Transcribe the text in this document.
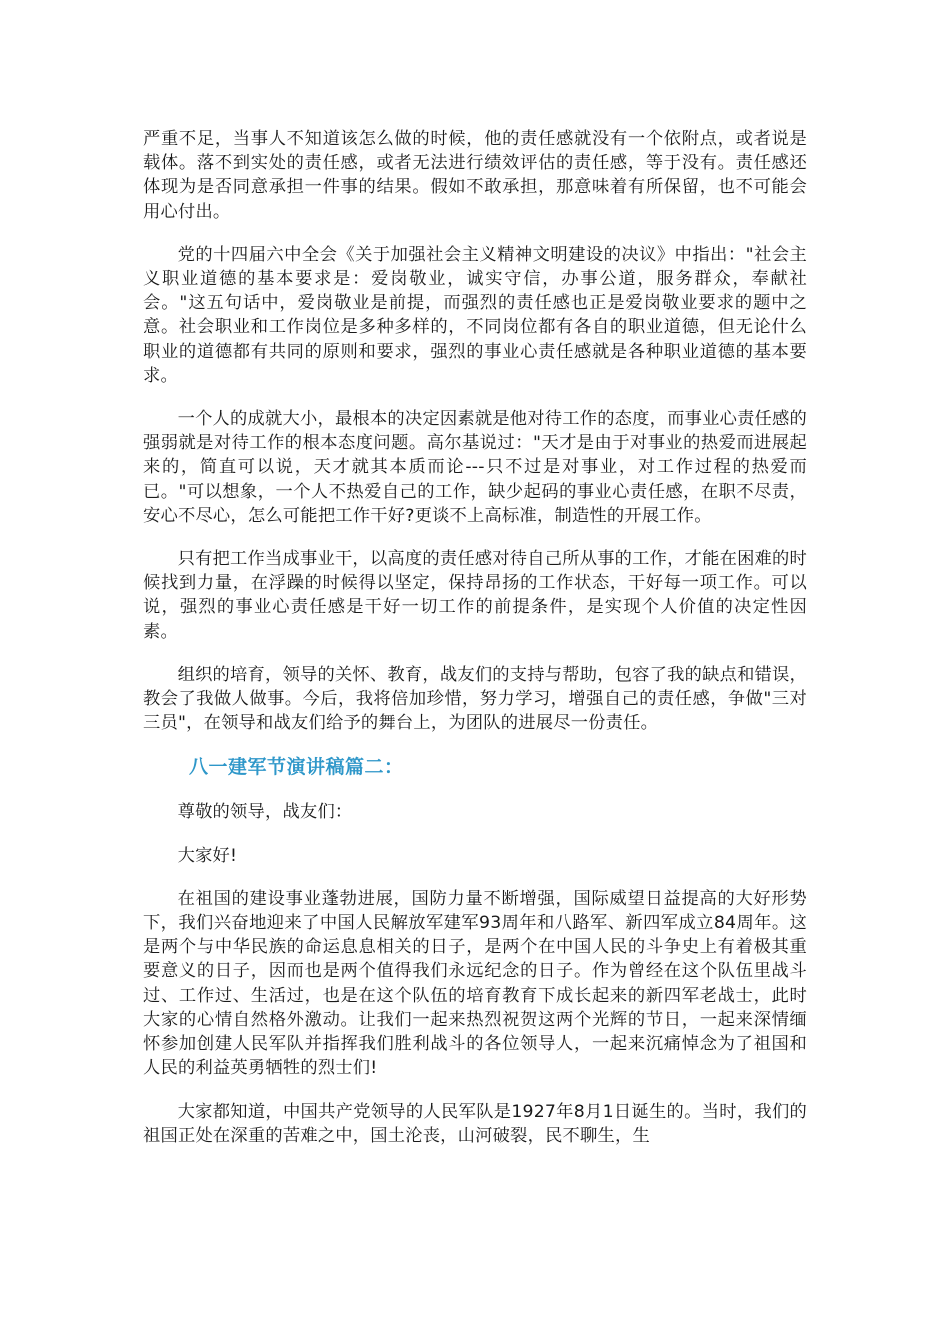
严重不足，当事人不知道该怎么做的时候，他的责任感就没有一个依附点，或者说是载体。落不到实处的责任感，或者无法进行绩效评估的责任感，等于没有。责任感还体现为是否同意承担一件事的结果。假如不敢承担，那意味着有所保留，也不可能会用心付出。

党的十四届六中全会《关于加强社会主义精神文明建设的决议》中指出："社会主义职业道德的基本要求是：爱岗敬业，诚实守信，办事公道，服务群众，奉献社会。"这五句话中，爱岗敬业是前提，而强烈的责任感也正是爱岗敬业要求的题中之意。社会职业和工作岗位是多种多样的，不同岗位都有各自的职业道德，但无论什么职业的道德都有共同的原则和要求，强烈的事业心责任感就是各种职业道德的基本要求。

一个人的成就大小，最根本的决定因素就是他对待工作的态度，而事业心责任感的强弱就是对待工作的根本态度问题。高尔基说过："天才是由于对事业的热爱而进展起来的，简直可以说，天才就其本质而论---只不过是对事业，对工作过程的热爱而已。"可以想象，一个人不热爱自己的工作，缺少起码的事业心责任感，在职不尽责，安心不尽心，怎么可能把工作干好?更谈不上高标准，制造性的开展工作。

只有把工作当成事业干，以高度的责任感对待自己所从事的工作，才能在困难的时候找到力量，在浮躁的时候得以坚定，保持昂扬的工作状态，干好每一项工作。可以说，强烈的事业心责任感是干好一切工作的前提条件，是实现个人价值的决定性因素。

组织的培育，领导的关怀、教育，战友们的支持与帮助，包容了我的缺点和错误，教会了我做人做事。今后，我将倍加珍惜，努力学习，增强自己的责任感，争做"三对三员"，在领导和战友们给予的舞台上，为团队的进展尽一份责任。

八一建军节演讲稿篇二：

尊敬的领导，战友们：

大家好!

在祖国的建设事业蓬勃进展，国防力量不断增强，国际威望日益提高的大好形势下，我们兴奋地迎来了中国人民解放军建军93周年和八路军、新四军成立84周年。这是两个与中华民族的命运息息相关的日子，是两个在中国人民的斗争史上有着极其重要意义的日子，因而也是两个值得我们永远纪念的日子。作为曾经在这个队伍里战斗过、工作过、生活过，也是在这个队伍的培育教育下成长起来的新四军老战士，此时大家的心情自然格外激动。让我们一起来热烈祝贺这两个光辉的节日，一起来深情缅怀参加创建人民军队并指挥我们胜利战斗的各位领导人，一起来沉痛悼念为了祖国和人民的利益英勇牺牲的烈士们!

大家都知道，中国共产党领导的人民军队是1927年8月1日诞生的。当时，我们的祖国正处在深重的苦难之中，国土沦丧，山河破裂，民不聊生，生
